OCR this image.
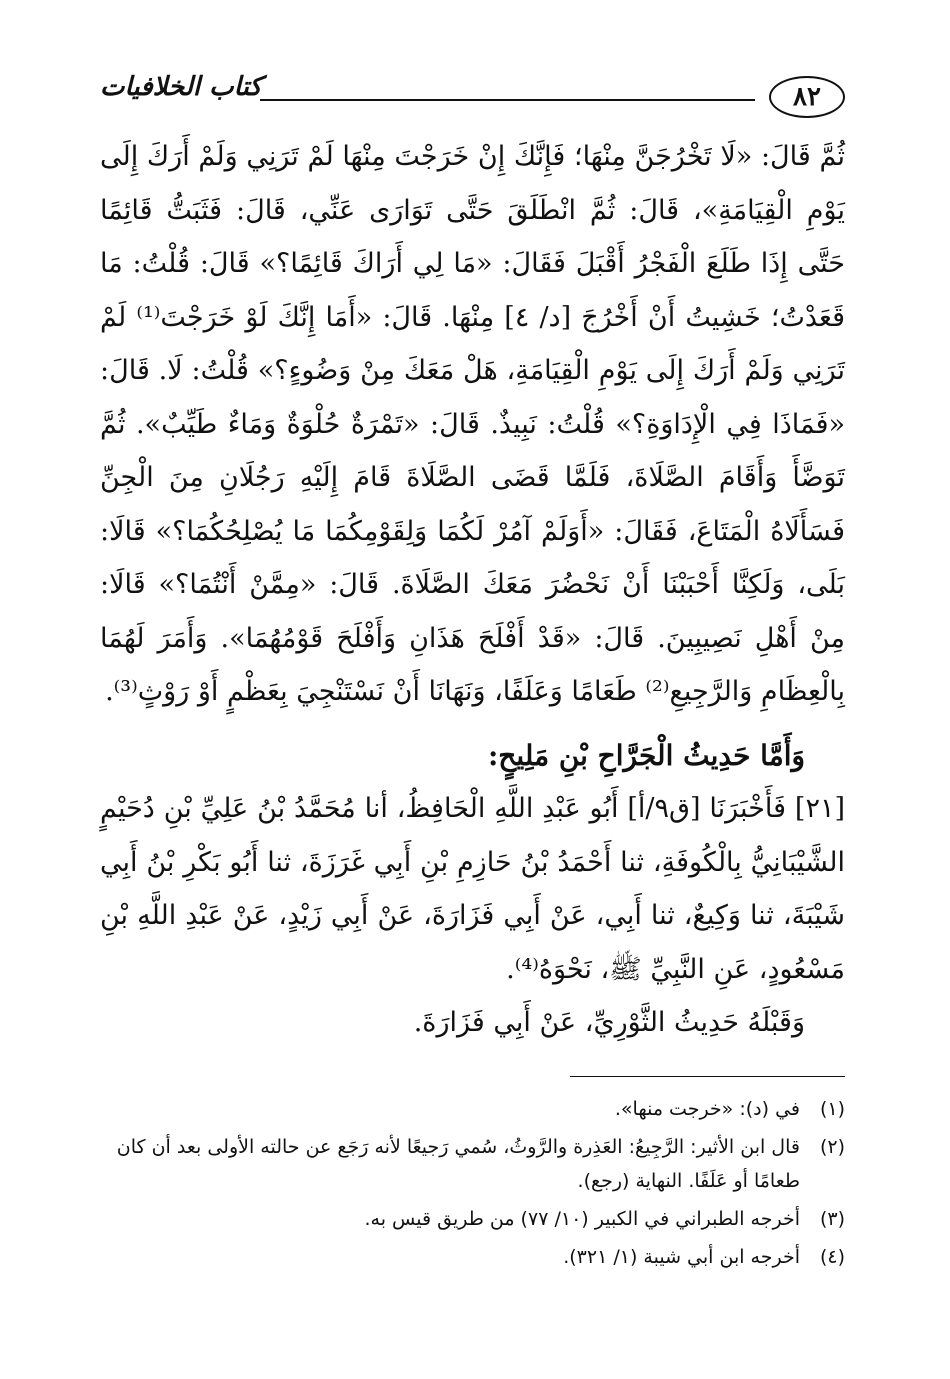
٨٢
كتاب الخلافيات

ثُمَّ قَالَ: «لَا تَخْرُجَنَّ مِنْهَا؛ فَإِنَّكَ إِنْ خَرَجْتَ مِنْهَا لَمْ تَرَنِي وَلَمْ أَرَكَ إِلَى يَوْمِ الْقِيَامَةِ»، قَالَ: ثُمَّ انْطَلَقَ حَتَّى تَوَارَى عَنِّي، قَالَ: فَثَبَتُّ قَائِمًا حَتَّى إِذَا طَلَعَ الْفَجْرُ أَقْبَلَ فَقَالَ: «مَا لِي أَرَاكَ قَائِمًا؟» قَالَ: قُلْتُ: مَا قَعَدْتُ؛ خَشِيتُ أَنْ أَخْرُجَ [د/ ٤] مِنْهَا. قَالَ: «أَمَا إِنَّكَ لَوْ خَرَجْتَ⁽¹⁾ لَمْ تَرَنِي وَلَمْ أَرَكَ إِلَى يَوْمِ الْقِيَامَةِ، هَلْ مَعَكَ مِنْ وَضُوءٍ؟» قُلْتُ: لَا. قَالَ: «فَمَاذَا فِي الْإِدَاوَةِ؟» قُلْتُ: نَبِيذٌ. قَالَ: «تَمْرَةٌ حُلْوَةٌ وَمَاءٌ طَيِّبٌ». ثُمَّ تَوَضَّأَ وَأَقَامَ الصَّلَاةَ، فَلَمَّا قَضَى الصَّلَاةَ قَامَ إِلَيْهِ رَجُلَانِ مِنَ الْجِنِّ فَسَأَلَاهُ الْمَتَاعَ، فَقَالَ: «أَوَلَمْ آمُرْ لَكُمَا وَلِقَوْمِكُمَا مَا يُصْلِحُكُمَا؟» قَالَا: بَلَى، وَلَكِنَّا أَحْبَبْنَا أَنْ نَحْضُرَ مَعَكَ الصَّلَاةَ. قَالَ: «مِمَّنْ أَنْتُمَا؟» قَالَا: مِنْ أَهْلِ نَصِيبِينَ. قَالَ: «قَدْ أَفْلَحَ هَذَانِ وَأَفْلَحَ قَوْمُهُمَا». وَأَمَرَ لَهُمَا بِالْعِظَامِ وَالرَّجِيعِ⁽²⁾ طَعَامًا وَعَلَفًا، وَنَهَانَا أَنْ نَسْتَنْجِيَ بِعَظْمٍ أَوْ رَوْثٍ⁽³⁾.

وَأَمَّا حَدِيثُ الْجَرَّاحِ بْنِ مَلِيحٍ:

[٢١] فَأَخْبَرَنَا [ق٩/أ] أَبُو عَبْدِ اللَّهِ الْحَافِظُ، أنا مُحَمَّدُ بْنُ عَلِيِّ بْنِ دُحَيْمٍ الشَّيْبَانِيُّ بِالْكُوفَةِ، ثنا أَحْمَدُ بْنُ حَازِمِ بْنِ أَبِي غَرَزَةَ، ثنا أَبُو بَكْرِ بْنُ أَبِي شَيْبَةَ، ثنا وَكِيعٌ، ثنا أَبِي، عَنْ أَبِي فَزَارَةَ، عَنْ أَبِي زَيْدٍ، عَنْ عَبْدِ اللَّهِ بْنِ مَسْعُودٍ، عَنِ النَّبِيِّ ﷺ، نَحْوَهُ⁽⁴⁾.

وَقَبْلَهُ حَدِيثُ الثَّوْرِيِّ، عَنْ أَبِي فَزَارَةَ.

(١)
في (د): «خرجت منها».
(٢)
قال ابن الأثير: الرَّجِيعُ: العَذِرة والرَّوثُ، سُمي رَجيعًا لأنه رَجَع عن حالته الأولى بعد أن كان طعامًا أو عَلَفًا. النهاية (رجع).
(٣)
أخرجه الطبراني في الكبير (١٠/ ٧٧) من طريق قيس به.
(٤)
أخرجه ابن أبي شيبة (١/ ٣٢١).
